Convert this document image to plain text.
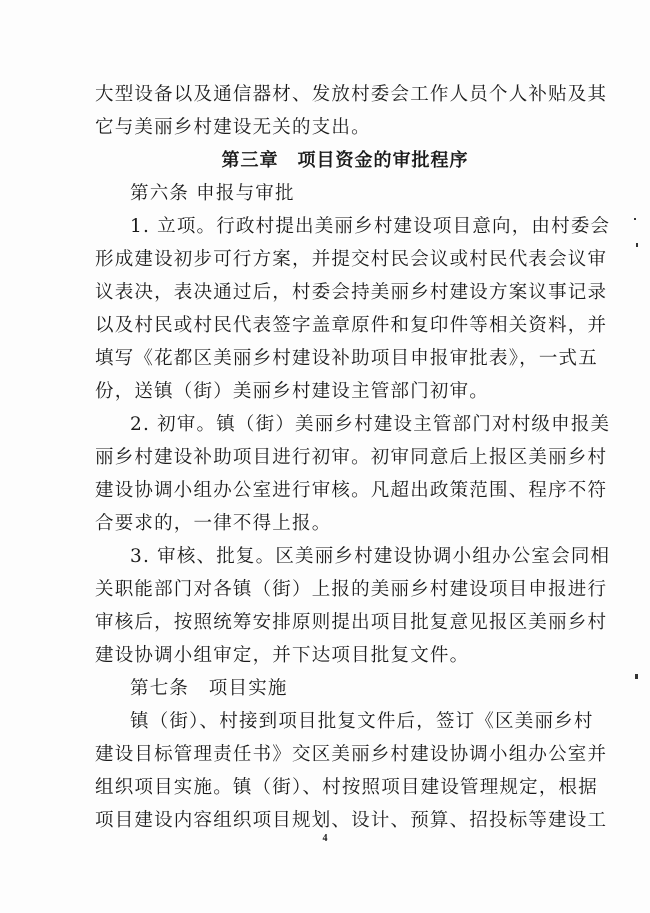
大型设备以及通信器材、发放村委会工作人员个人补贴及其
它与美丽乡村建设无关的支出。
第三章　项目资金的审批程序
第六条 申报与审批
1. 立项。行政村提出美丽乡村建设项目意向，由村委会
形成建设初步可行方案，并提交村民会议或村民代表会议审
议表决，表决通过后，村委会持美丽乡村建设方案议事记录
以及村民或村民代表签字盖章原件和复印件等相关资料，并
填写《花都区美丽乡村建设补助项目申报审批表》，一式五
份，送镇（街）美丽乡村建设主管部门初审。
2. 初审。镇（街）美丽乡村建设主管部门对村级申报美
丽乡村建设补助项目进行初审。初审同意后上报区美丽乡村
建设协调小组办公室进行审核。凡超出政策范围、程序不符
合要求的，一律不得上报。
3. 审核、批复。区美丽乡村建设协调小组办公室会同相
关职能部门对各镇（街）上报的美丽乡村建设项目申报进行
审核后，按照统筹安排原则提出项目批复意见报区美丽乡村
建设协调小组审定，并下达项目批复文件。
第七条　项目实施
镇（街）、村接到项目批复文件后，签订《区美丽乡村
建设目标管理责任书》交区美丽乡村建设协调小组办公室并
组织项目实施。镇（街）、村按照项目建设管理规定，根据
项目建设内容组织项目规划、设计、预算、招投标等建设工
4
